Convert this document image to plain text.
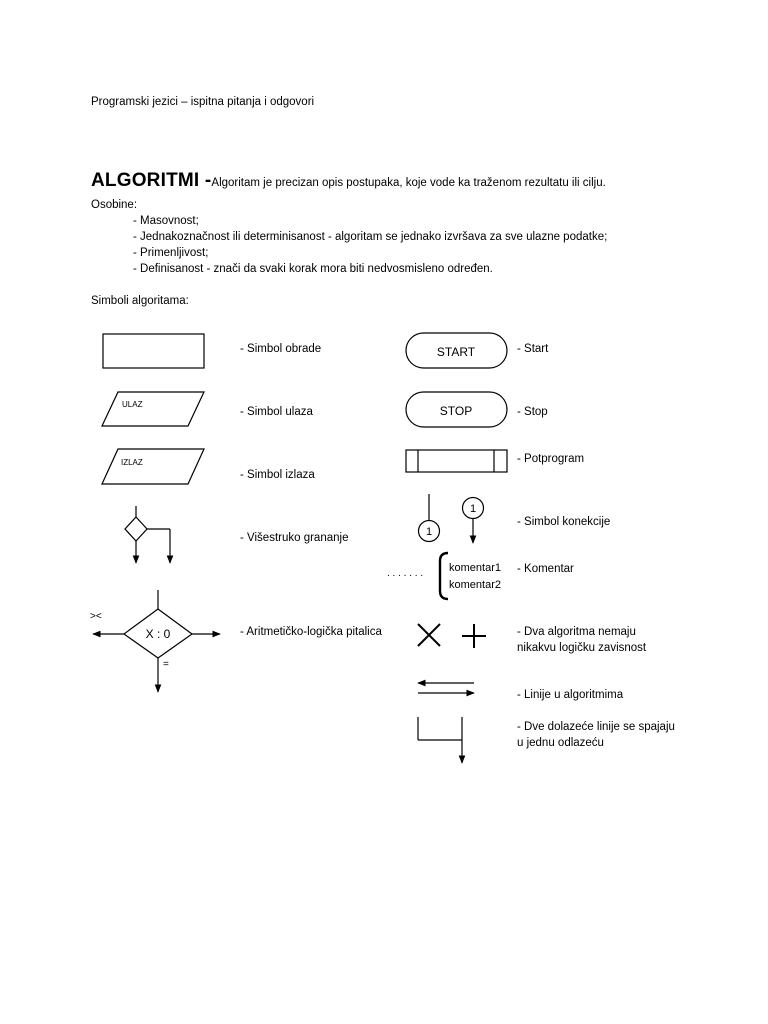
Programski jezici – ispitna pitanja i odgovori
ALGORITMI -Algoritam je precizan opis postupaka, koje vode ka traženom rezultatu ili cilju.
Osobine:
- Masovnost;
- Jednakoznačnost ili determinisanost - algoritam se jednako izvršava za sve ulazne podatke;
- Primenljivost;
- Definisanost - znači da svaki korak mora biti nedvosmisleno određen.
Simboli algoritama:
ULAZ
IZLAZ
X : 0
><
=
START
STOP
1
1
. . . . . . . komentar1
komentar2
- Simbol obrade
- Simbol ulaza
- Simbol izlaza
- Višestruko grananje
- Aritmetičko-logička pitalica
- Start
- Stop
- Potprogram
- Simbol konekcije
- Komentar
- Dva algoritma nemaju
nikakvu logičku zavisnost
- Linije u algoritmima
- Dve dolazeće linije se spajaju
u jednu odlazeću
